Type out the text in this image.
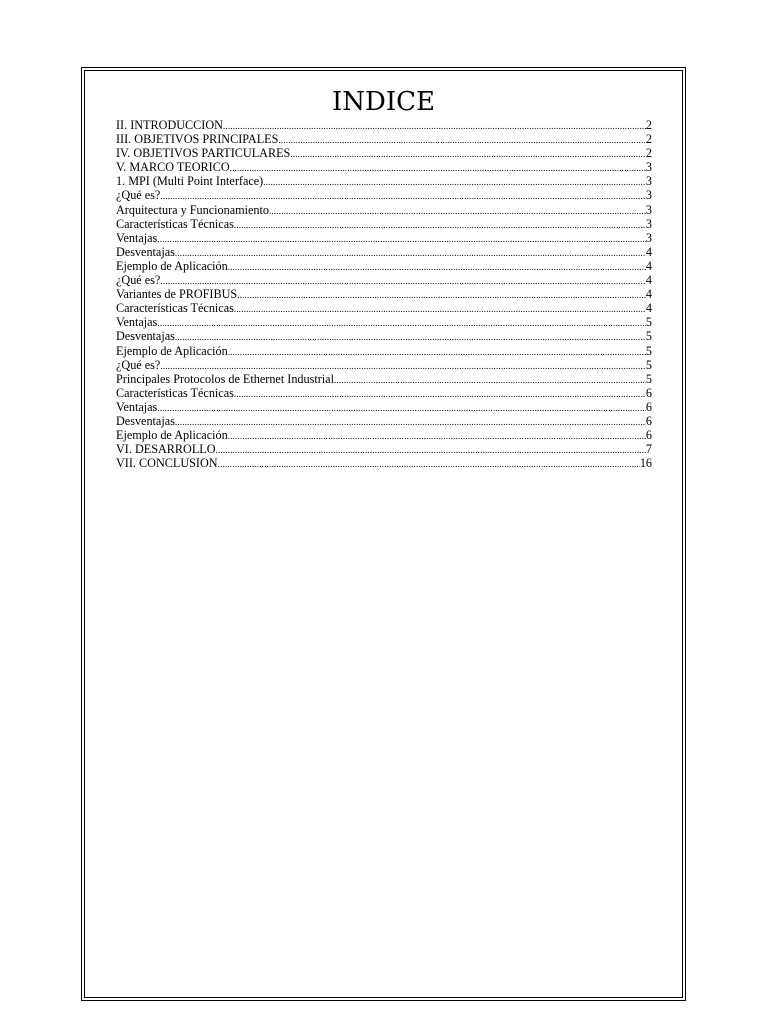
INDICE
II. INTRODUCCION .....	2
III. OBJETIVOS PRINCIPALES .....	2
IV. OBJETIVOS PARTICULARES .....	2
V. MARCO TEORICO .....	3
1. MPI (Multi Point Interface) .....	3
¿Qué es? .....	3
Arquitectura y Funcionamiento .....	3
Características Técnicas .....	3
Ventajas .....	3
Desventajas .....	4
Ejemplo de Aplicación .....	4
¿Qué es? .....	4
Variantes de PROFIBUS .....	4
Características Técnicas .....	4
Ventajas .....	5
Desventajas .....	5
Ejemplo de Aplicación .....	5
¿Qué es? .....	5
Principales Protocolos de Ethernet Industrial .....	5
Características Técnicas .....	6
Ventajas .....	6
Desventajas .....	6
Ejemplo de Aplicación .....	6
VI. DESARROLLO .....	7
VII. CONCLUSION .....	16
